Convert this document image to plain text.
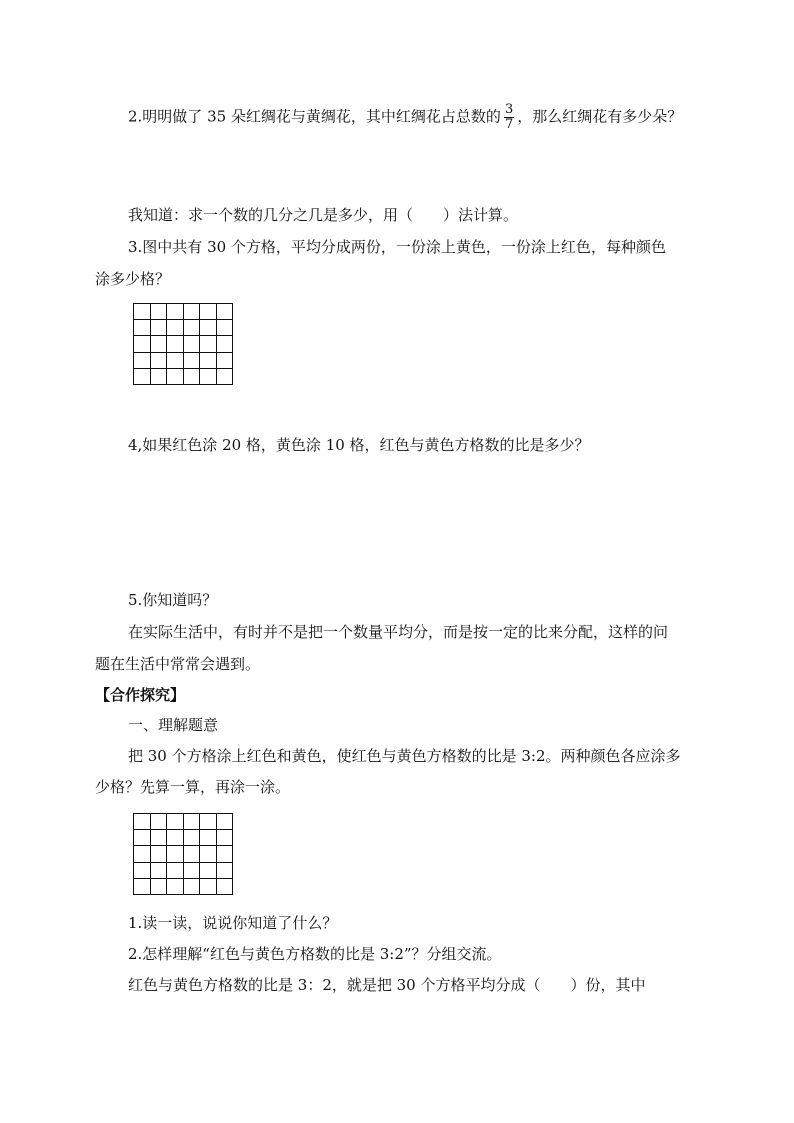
2.明明做了 35 朵红绸花与黄绸花，其中红绸花占总数的 $\frac{3}{7}$ ，那么红绸花有多少朵？
我知道：求一个数的几分之几是多少，用（　　）法计算。
3.图中共有 30 个方格，平均分成两份，一份涂上黄色，一份涂上红色，每种颜色
涂多少格？

4,如果红色涂 20 格，黄色涂 10 格，红色与黄色方格数的比是多少？
5.你知道吗？
在实际生活中，有时并不是把一个数量平均分，而是按一定的比来分配，这样的问
题在生活中常常会遇到。
【合作探究】
一、理解题意
把 30 个方格涂上红色和黄色，使红色与黄色方格数的比是 3:2。两种颜色各应涂多
少格？先算一算，再涂一涂。

1.读一读，说说你知道了什么？
2.怎样理解“红色与黄色方格数的比是 3:2”？分组交流。
红色与黄色方格数的比是 3：2，就是把 30 个方格平均分成（　　）份，其中
